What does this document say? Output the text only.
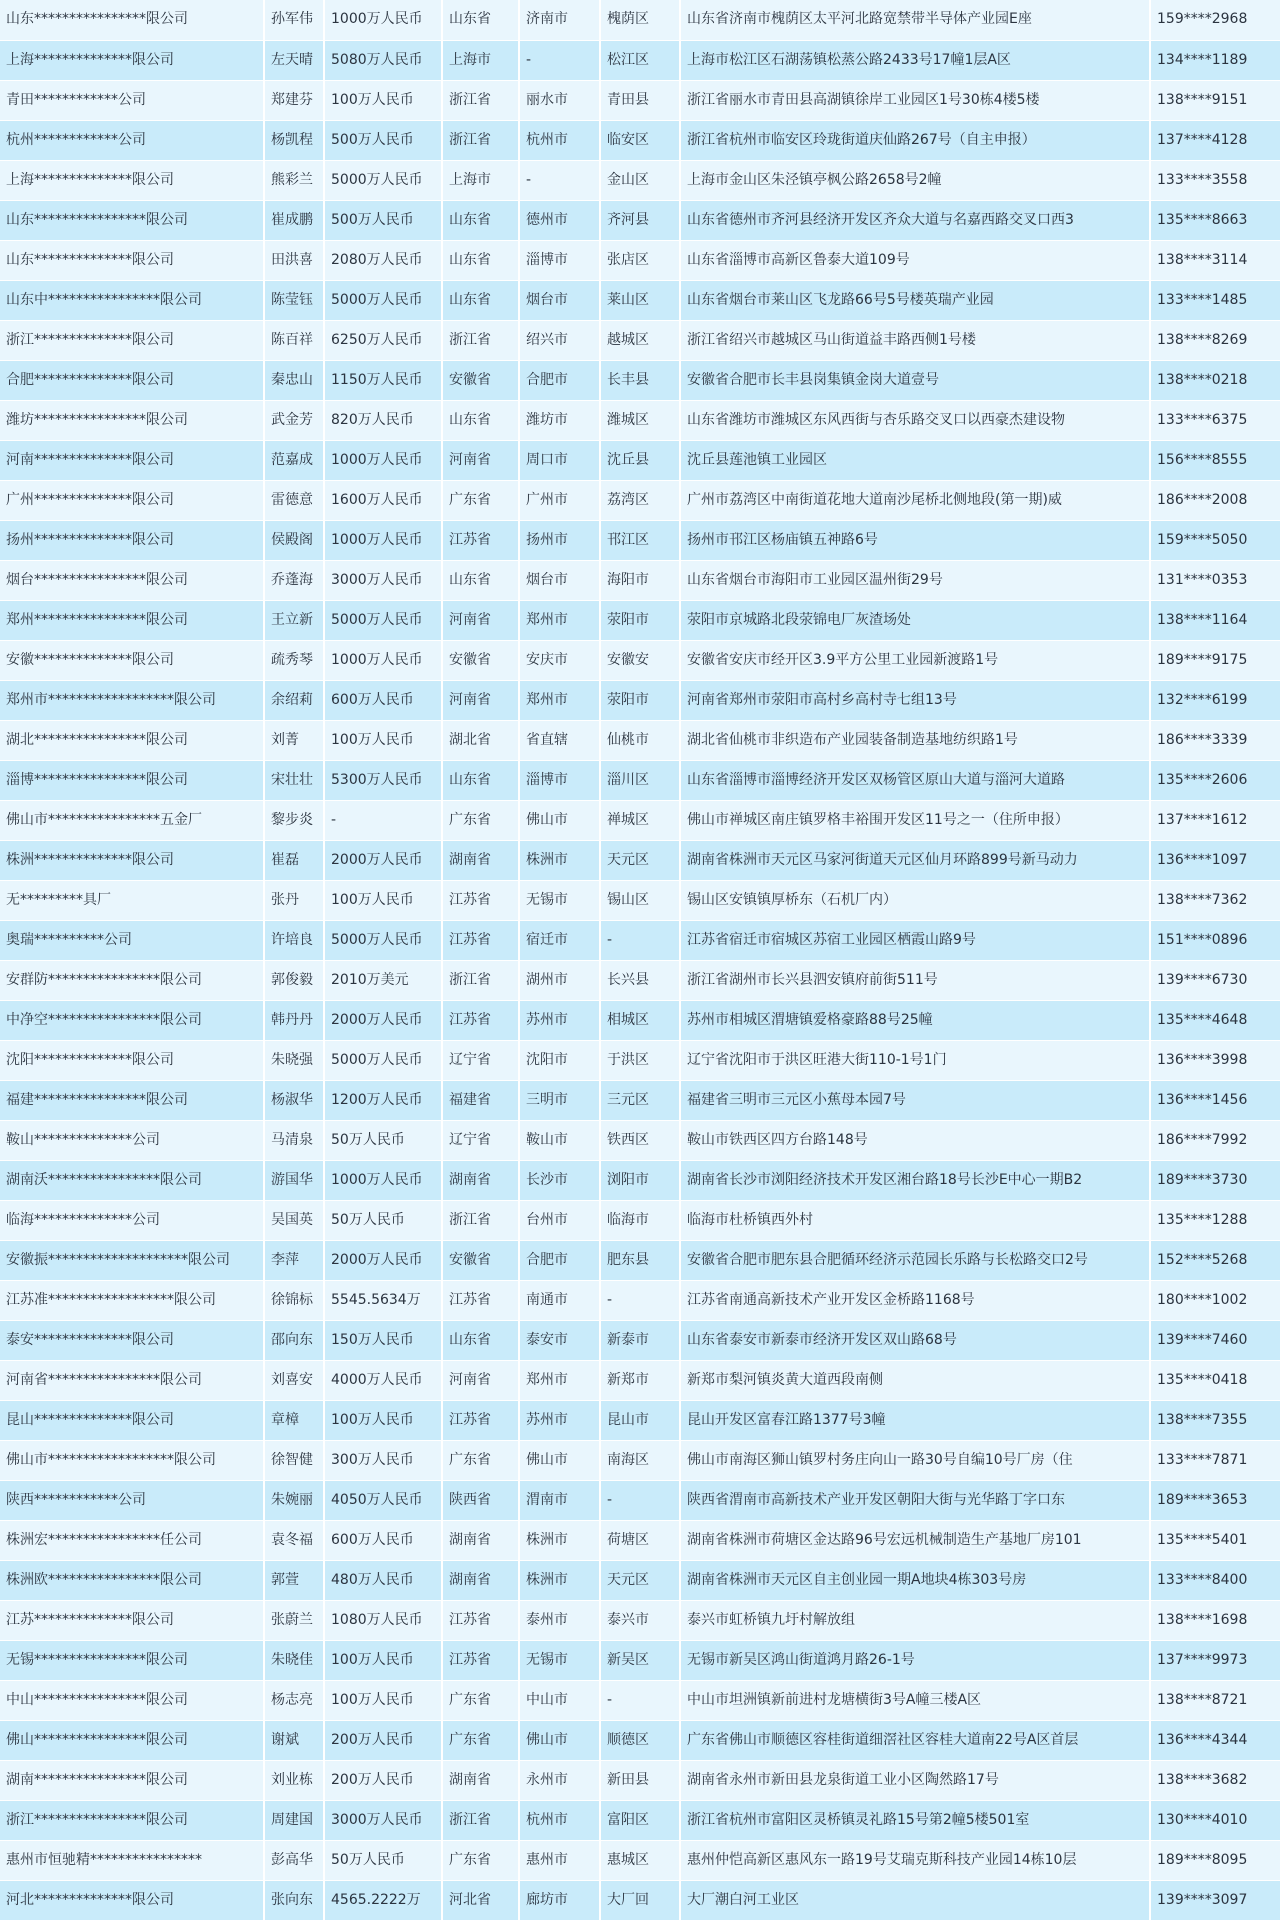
山东****************限公司	孙军伟	1000万人民币	山东省	济南市	槐荫区	山东省济南市槐荫区太平河北路宽禁带半导体产业园E座	159****2968
上海**************限公司	左天晴	5080万人民币	上海市	-	松江区	上海市松江区石湖荡镇松蒸公路2433号17幢1层A区	134****1189
青田************公司	郑建芬	100万人民币	浙江省	丽水市	青田县	浙江省丽水市青田县高湖镇徐岸工业园区1号30栋4楼5楼	138****9151
杭州************公司	杨凯程	500万人民币	浙江省	杭州市	临安区	浙江省杭州市临安区玲珑街道庆仙路267号（自主申报）	137****4128
上海**************限公司	熊彩兰	5000万人民币	上海市	-	金山区	上海市金山区朱泾镇亭枫公路2658号2幢	133****3558
山东****************限公司	崔成鹏	500万人民币	山东省	德州市	齐河县	山东省德州市齐河县经济开发区齐众大道与名嘉西路交叉口西3	135****8663
山东**************限公司	田洪喜	2080万人民币	山东省	淄博市	张店区	山东省淄博市高新区鲁泰大道109号	138****3114
山东中****************限公司	陈莹钰	5000万人民币	山东省	烟台市	莱山区	山东省烟台市莱山区飞龙路66号5号楼英瑞产业园	133****1485
浙江**************限公司	陈百祥	6250万人民币	浙江省	绍兴市	越城区	浙江省绍兴市越城区马山街道益丰路西侧1号楼	138****8269
合肥**************限公司	秦忠山	1150万人民币	安徽省	合肥市	长丰县	安徽省合肥市长丰县岗集镇金岗大道壹号	138****0218
潍坊****************限公司	武金芳	820万人民币	山东省	潍坊市	潍城区	山东省潍坊市潍城区东风西街与杏乐路交叉口以西豪杰建设物	133****6375
河南**************限公司	范嘉成	1000万人民币	河南省	周口市	沈丘县	沈丘县莲池镇工业园区	156****8555
广州**************限公司	雷德意	1600万人民币	广东省	广州市	荔湾区	广州市荔湾区中南街道花地大道南沙尾桥北侧地段(第一期)威	186****2008
扬州**************限公司	侯殿阁	1000万人民币	江苏省	扬州市	邗江区	扬州市邗江区杨庙镇五神路6号	159****5050
烟台****************限公司	乔蓬海	3000万人民币	山东省	烟台市	海阳市	山东省烟台市海阳市工业园区温州街29号	131****0353
郑州****************限公司	王立新	5000万人民币	河南省	郑州市	荥阳市	荥阳市京城路北段荥锦电厂灰渣场处	138****1164
安徽**************限公司	疏秀琴	1000万人民币	安徽省	安庆市	安徽安	安徽省安庆市经开区3.9平方公里工业园新渡路1号	189****9175
郑州市******************限公司	余绍莉	600万人民币	河南省	郑州市	荥阳市	河南省郑州市荥阳市高村乡高村寺七组13号	132****6199
湖北****************限公司	刘菁	100万人民币	湖北省	省直辖	仙桃市	湖北省仙桃市非织造布产业园装备制造基地纺织路1号	186****3339
淄博****************限公司	宋壮壮	5300万人民币	山东省	淄博市	淄川区	山东省淄博市淄博经济开发区双杨管区原山大道与淄河大道路	135****2606
佛山市****************五金厂	黎步炎	-	广东省	佛山市	禅城区	佛山市禅城区南庄镇罗格丰裕围开发区11号之一（住所申报）	137****1612
株洲**************限公司	崔磊	2000万人民币	湖南省	株洲市	天元区	湖南省株洲市天元区马家河街道天元区仙月环路899号新马动力	136****1097
无*********具厂	张丹	100万人民币	江苏省	无锡市	锡山区	锡山区安镇镇厚桥东（石机厂内）	138****7362
奥瑞**********公司	许培良	5000万人民币	江苏省	宿迁市	-	江苏省宿迁市宿城区苏宿工业园区栖霞山路9号	151****0896
安群防****************限公司	郭俊毅	2010万美元	浙江省	湖州市	长兴县	浙江省湖州市长兴县泗安镇府前街511号	139****6730
中净空****************限公司	韩丹丹	2000万人民币	江苏省	苏州市	相城区	苏州市相城区渭塘镇爱格豪路88号25幢	135****4648
沈阳**************限公司	朱晓强	5000万人民币	辽宁省	沈阳市	于洪区	辽宁省沈阳市于洪区旺港大街110-1号1门	136****3998
福建****************限公司	杨淑华	1200万人民币	福建省	三明市	三元区	福建省三明市三元区小蕉母本园7号	136****1456
鞍山**************公司	马清泉	50万人民币	辽宁省	鞍山市	铁西区	鞍山市铁西区四方台路148号	186****7992
湖南沃****************限公司	游国华	1000万人民币	湖南省	长沙市	浏阳市	湖南省长沙市浏阳经济技术开发区湘台路18号长沙E中心一期B2	189****3730
临海**************公司	吴国英	50万人民币	浙江省	台州市	临海市	临海市杜桥镇西外村	135****1288
安徽振********************限公司	李萍	2000万人民币	安徽省	合肥市	肥东县	安徽省合肥市肥东县合肥循环经济示范园长乐路与长松路交口2号	152****5268
江苏准******************限公司	徐锦标	5545.5634万	江苏省	南通市	-	江苏省南通高新技术产业开发区金桥路1168号	180****1002
泰安**************限公司	邵向东	150万人民币	山东省	泰安市	新泰市	山东省泰安市新泰市经济开发区双山路68号	139****7460
河南省****************限公司	刘喜安	4000万人民币	河南省	郑州市	新郑市	新郑市梨河镇炎黄大道西段南侧	135****0418
昆山**************限公司	章樟	100万人民币	江苏省	苏州市	昆山市	昆山开发区富春江路1377号3幢	138****7355
佛山市******************限公司	徐智健	300万人民币	广东省	佛山市	南海区	佛山市南海区狮山镇罗村务庄向山一路30号自编10号厂房（住	133****7871
陕西************公司	朱婉丽	4050万人民币	陕西省	渭南市	-	陕西省渭南市高新技术产业开发区朝阳大街与光华路丁字口东	189****3653
株洲宏****************任公司	袁冬福	600万人民币	湖南省	株洲市	荷塘区	湖南省株洲市荷塘区金达路96号宏远机械制造生产基地厂房101	135****5401
株洲欧****************限公司	郭萱	480万人民币	湖南省	株洲市	天元区	湖南省株洲市天元区自主创业园一期A地块4栋303号房	133****8400
江苏**************限公司	张蔚兰	1080万人民币	江苏省	泰州市	泰兴市	泰兴市虹桥镇九圩村解放组	138****1698
无锡****************限公司	朱晓佳	100万人民币	江苏省	无锡市	新吴区	无锡市新吴区鸿山街道鸿月路26-1号	137****9973
中山****************限公司	杨志亮	100万人民币	广东省	中山市	-	中山市坦洲镇新前进村龙塘横街3号A幢三楼A区	138****8721
佛山****************限公司	谢斌	200万人民币	广东省	佛山市	顺德区	广东省佛山市顺德区容桂街道细滘社区容桂大道南22号A区首层	136****4344
湖南****************限公司	刘业栋	200万人民币	湖南省	永州市	新田县	湖南省永州市新田县龙泉街道工业小区陶然路17号	138****3682
浙江****************限公司	周建国	3000万人民币	浙江省	杭州市	富阳区	浙江省杭州市富阳区灵桥镇灵礼路15号第2幢5楼501室	130****4010
惠州市恒驰精****************	彭高华	50万人民币	广东省	惠州市	惠城区	惠州仲恺高新区惠风东一路19号艾瑞克斯科技产业园14栋10层	189****8095
河北**************限公司	张向东	4565.2222万	河北省	廊坊市	大厂回	大厂潮白河工业区	139****3097
